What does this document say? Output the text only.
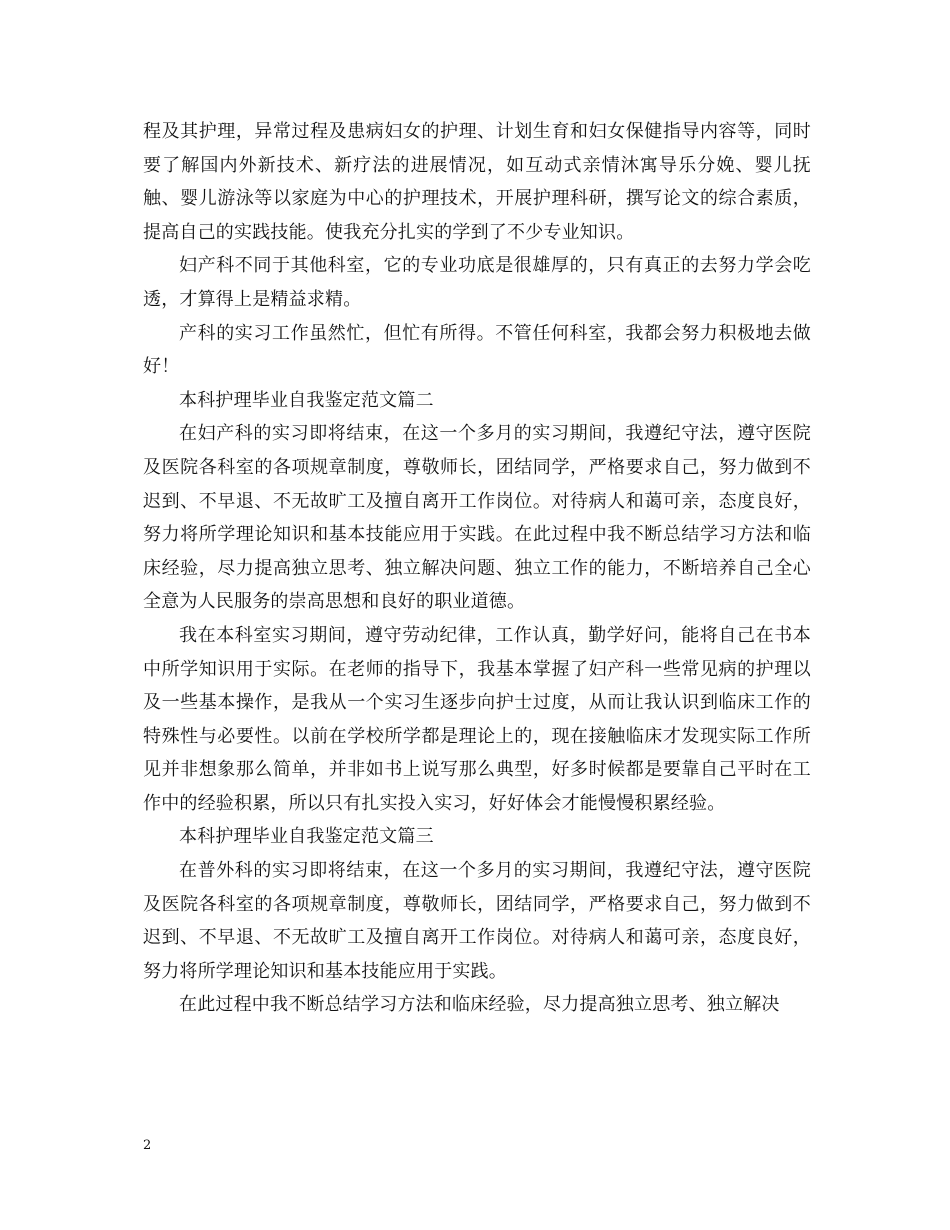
程及其护理，异常过程及患病妇女的护理、计划生育和妇女保健指导内容等，同时要了解国内外新技术、新疗法的进展情况，如互动式亲情沐寓导乐分娩、婴儿抚触、婴儿游泳等以家庭为中心的护理技术，开展护理科研，撰写论文的综合素质，提高自己的实践技能。使我充分扎实的学到了不少专业知识。

妇产科不同于其他科室，它的专业功底是很雄厚的，只有真正的去努力学会吃透，才算得上是精益求精。

产科的实习工作虽然忙，但忙有所得。不管任何科室，我都会努力积极地去做好！

本科护理毕业自我鉴定范文篇二

在妇产科的实习即将结束，在这一个多月的实习期间，我遵纪守法，遵守医院及医院各科室的各项规章制度，尊敬师长，团结同学，严格要求自己，努力做到不迟到、不早退、不无故旷工及擅自离开工作岗位。对待病人和蔼可亲，态度良好，努力将所学理论知识和基本技能应用于实践。在此过程中我不断总结学习方法和临床经验，尽力提高独立思考、独立解决问题、独立工作的能力，不断培养自己全心全意为人民服务的崇高思想和良好的职业道德。

我在本科室实习期间，遵守劳动纪律，工作认真，勤学好问，能将自己在书本中所学知识用于实际。在老师的指导下，我基本掌握了妇产科一些常见病的护理以及一些基本操作，是我从一个实习生逐步向护士过度，从而让我认识到临床工作的特殊性与必要性。以前在学校所学都是理论上的，现在接触临床才发现实际工作所见并非想象那么简单，并非如书上说写那么典型，好多时候都是要靠自己平时在工作中的经验积累，所以只有扎实投入实习，好好体会才能慢慢积累经验。

本科护理毕业自我鉴定范文篇三

在普外科的实习即将结束，在这一个多月的实习期间，我遵纪守法，遵守医院及医院各科室的各项规章制度，尊敬师长，团结同学，严格要求自己，努力做到不迟到、不早退、不无故旷工及擅自离开工作岗位。对待病人和蔼可亲，态度良好，努力将所学理论知识和基本技能应用于实践。

在此过程中我不断总结学习方法和临床经验，尽力提高独立思考、独立解决

2
